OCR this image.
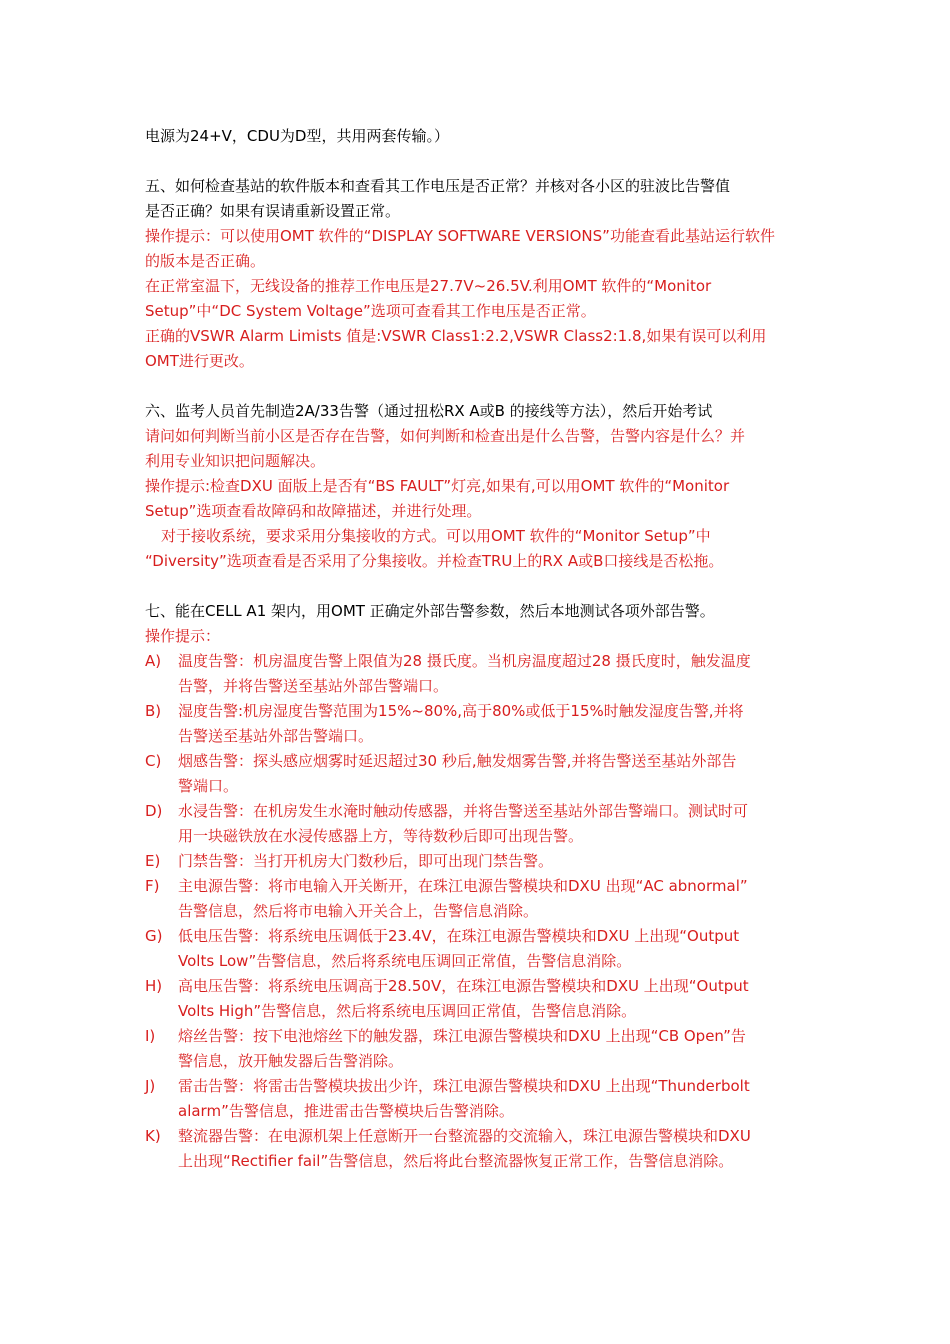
电源为24+V，CDU为D型，共用两套传输。）
五、如何检查基站的软件版本和查看其工作电压是否正常？并核对各小区的驻波比告警值
是否正确？如果有误请重新设置正常。
操作提示：可以使用OMT 软件的“DISPLAY SOFTWARE VERSIONS”功能查看此基站运行软件
的版本是否正确。
在正常室温下，无线设备的推荐工作电压是27.7V~26.5V.利用OMT 软件的“Monitor
Setup”中“DC System Voltage”选项可查看其工作电压是否正常。
正确的VSWR Alarm Limists 值是:VSWR Class1:2.2,VSWR Class2:1.8,如果有误可以利用
OMT进行更改。
六、监考人员首先制造2A/33告警（通过扭松RX A或B 的接线等方法），然后开始考试
请问如何判断当前小区是否存在告警，如何判断和检查出是什么告警，告警内容是什么？并
利用专业知识把问题解决。
操作提示:检查DXU 面版上是否有“BS FAULT”灯亮,如果有,可以用OMT 软件的“Monitor
Setup”选项查看故障码和故障描述，并进行处理。
对于接收系统，要求采用分集接收的方式。可以用OMT 软件的“Monitor Setup”中
“Diversity”选项查看是否采用了分集接收。并检查TRU上的RX A或B口接线是否松拖。
七、能在CELL A1 架内，用OMT 正确定外部告警参数，然后本地测试各项外部告警。
操作提示：
A)	温度告警：机房温度告警上限值为28 摄氏度。当机房温度超过28 摄氏度时，触发温度
告警，并将告警送至基站外部告警端口。
B)	湿度告警:机房湿度告警范围为15%~80%,高于80%或低于15%时触发湿度告警,并将
告警送至基站外部告警端口。
C)	烟感告警：探头感应烟雾时延迟超过30 秒后,触发烟雾告警,并将告警送至基站外部告
警端口。
D)	水浸告警：在机房发生水淹时触动传感器，并将告警送至基站外部告警端口。测试时可
用一块磁铁放在水浸传感器上方，等待数秒后即可出现告警。
E)	门禁告警：当打开机房大门数秒后，即可出现门禁告警。
F)	主电源告警：将市电输入开关断开，在珠江电源告警模块和DXU 出现“AC abnormal”
告警信息，然后将市电输入开关合上，告警信息消除。
G)	低电压告警：将系统电压调低于23.4V，在珠江电源告警模块和DXU 上出现“Output
Volts Low”告警信息，然后将系统电压调回正常值，告警信息消除。
H)	高电压告警：将系统电压调高于28.50V，在珠江电源告警模块和DXU 上出现“Output
Volts High”告警信息，然后将系统电压调回正常值，告警信息消除。
I)	熔丝告警：按下电池熔丝下的触发器，珠江电源告警模块和DXU 上出现“CB Open”告
警信息，放开触发器后告警消除。
J)	雷击告警：将雷击告警模块拔出少许，珠江电源告警模块和DXU 上出现“Thunderbolt
alarm”告警信息，推进雷击告警模块后告警消除。
K)	整流器告警：在电源机架上任意断开一台整流器的交流输入，珠江电源告警模块和DXU
上出现“Rectifier fail”告警信息，然后将此台整流器恢复正常工作，告警信息消除。
